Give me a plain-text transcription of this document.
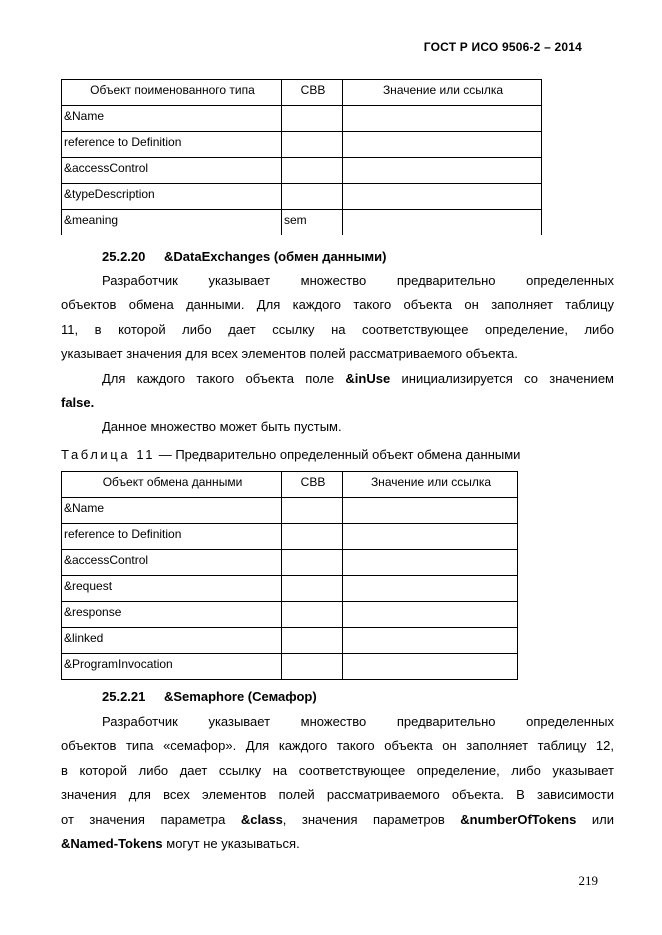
ГОСТ Р ИСО 9506-2 – 2014
Объект поименованного типа	СВВ	Значение или ссылка
&Name		
reference to Definition		
&accessControl		
&typeDescription		
&meaning	sem	
25.2.20 &DataExchanges (обмен данными)
Разработчик указывает множество предварительно определенных
объектов обмена данными. Для каждого такого объекта он заполняет таблицу
11, в которой либо дает ссылку на соответствующее определение, либо
указывает значения для всех элементов полей рассматриваемого объекта.
Для каждого такого объекта поле &inUse инициализируется со значением
false.
Данное множество может быть пустым.
Таблица 11 — Предварительно определенный объект обмена данными
Объект обмена данными	СВВ	Значение или ссылка
&Name		
reference to Definition		
&accessControl		
&request		
&response		
&linked		
&ProgramInvocation		
25.2.21 &Semaphore (Семафор)
Разработчик указывает множество предварительно определенных
объектов типа «семафор». Для каждого такого объекта он заполняет таблицу 12,
в которой либо дает ссылку на соответствующее определение, либо указывает
значения для всех элементов полей рассматриваемого объекта. В зависимости
от значения параметра &class, значения параметров &numberOfTokens или
&Named-Tokens могут не указываться.
219
